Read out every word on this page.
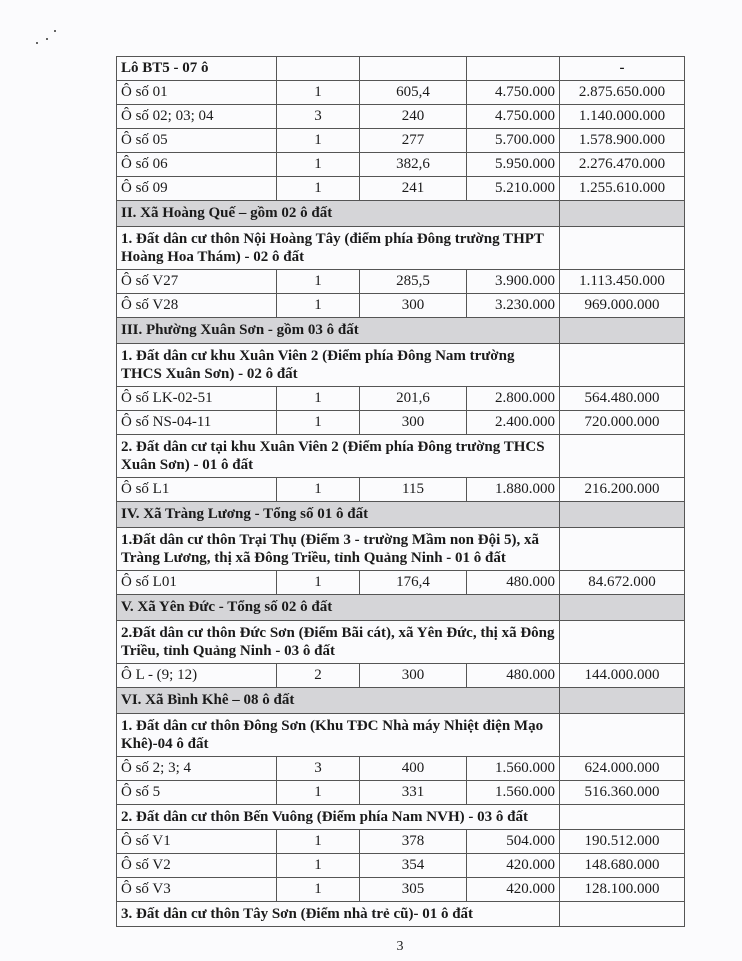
Lô BT5 - 07 ô				-
Ô số 01	1	605,4	4.750.000	2.875.650.000
Ô số 02; 03; 04	3	240	4.750.000	1.140.000.000
Ô số 05	1	277	5.700.000	1.578.900.000
Ô số 06	1	382,6	5.950.000	2.276.470.000
Ô số 09	1	241	5.210.000	1.255.610.000
II. Xã Hoàng Quế – gồm 02 ô đất				
1. Đất dân cư thôn Nội Hoàng Tây (điểm phía Đông trường THPT Hoàng Hoa Thám) - 02 ô đất				
Ô số V27	1	285,5	3.900.000	1.113.450.000
Ô số V28	1	300	3.230.000	969.000.000
III. Phường Xuân Sơn - gồm 03 ô đất				
1. Đất dân cư khu Xuân Viên 2 (Điểm phía Đông Nam trường THCS Xuân Sơn) - 02 ô đất				
Ô số LK-02-51	1	201,6	2.800.000	564.480.000
Ô số NS-04-11	1	300	2.400.000	720.000.000
2. Đất dân cư tại khu Xuân Viên 2 (Điểm phía Đông trường THCS Xuân Sơn) - 01 ô đất				
Ô số L1	1	115	1.880.000	216.200.000
IV. Xã Tràng Lương - Tổng số 01 ô đất				
1.Đất dân cư thôn Trại Thụ (Điểm 3 - trường Mầm non Đội 5), xã Tràng Lương, thị xã Đông Triều, tỉnh Quảng Ninh - 01 ô đất				
Ô số L01	1	176,4	480.000	84.672.000
V. Xã Yên Đức - Tổng số 02 ô đất				
2.Đất dân cư thôn Đức Sơn (Điểm Bãi cát), xã Yên Đức, thị xã Đông Triều, tỉnh Quảng Ninh - 03 ô đất				
Ô L - (9; 12)	2	300	480.000	144.000.000
VI. Xã Bình Khê – 08 ô đất				
1. Đất dân cư thôn Đông Sơn (Khu TĐC Nhà máy Nhiệt điện Mạo Khê)-04 ô đất				
Ô số 2; 3; 4	3	400	1.560.000	624.000.000
Ô số 5	1	331	1.560.000	516.360.000
2. Đất dân cư thôn Bến Vuông (Điểm phía Nam NVH) - 03 ô đất				
Ô số V1	1	378	504.000	190.512.000
Ô số V2	1	354	420.000	148.680.000
Ô số V3	1	305	420.000	128.100.000
3. Đất dân cư thôn Tây Sơn (Điểm nhà trẻ cũ)- 01 ô đất				
3
